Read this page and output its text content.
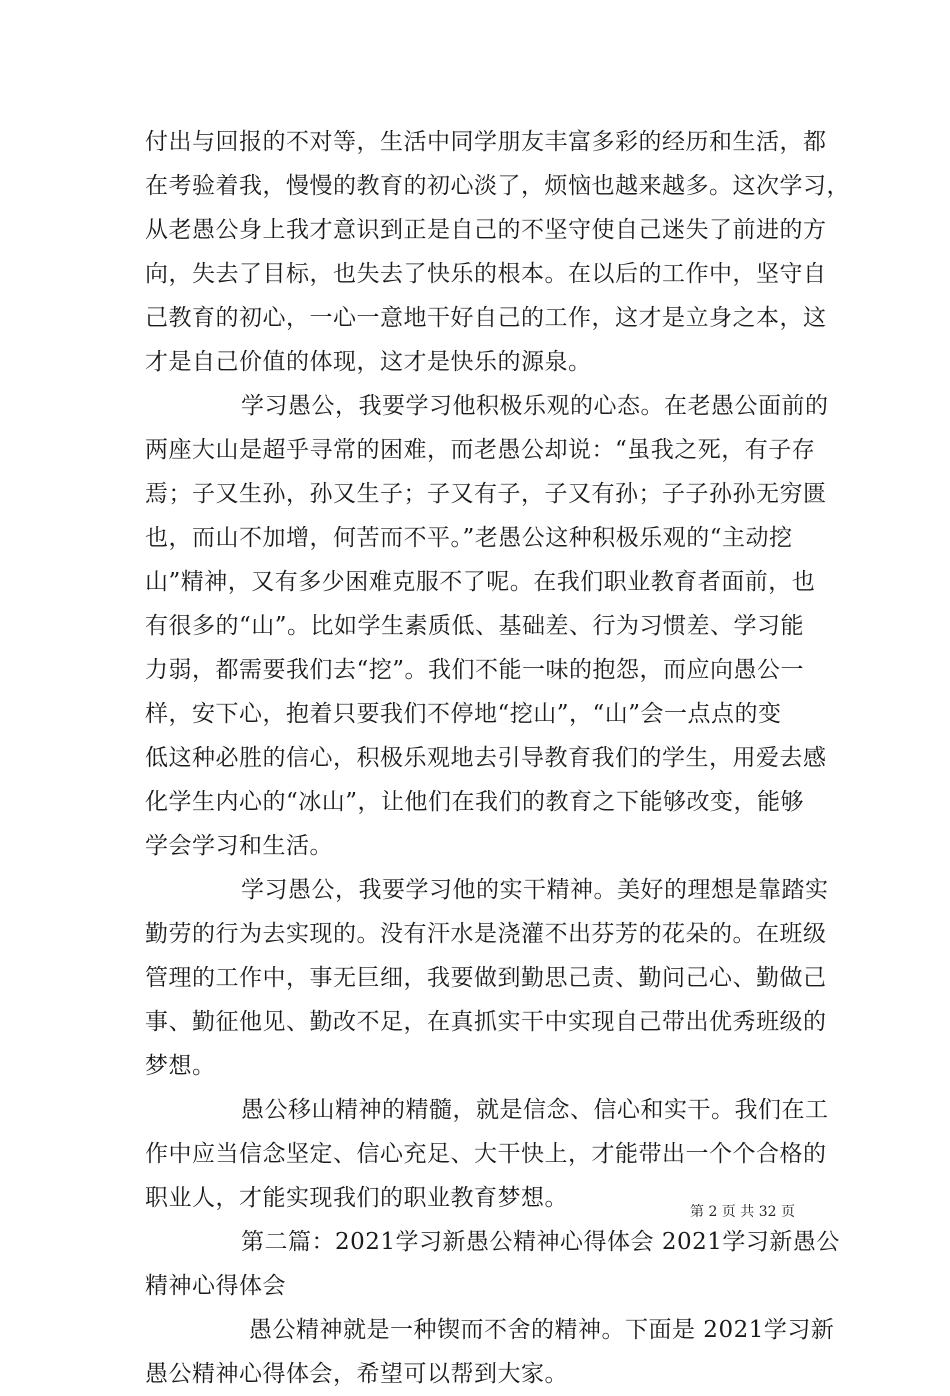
付出与回报的不对等，生活中同学朋友丰富多彩的经历和生活，都
在考验着我，慢慢的教育的初心淡了，烦恼也越来越多。这次学习，
从老愚公身上我才意识到正是自己的不坚守使自己迷失了前进的方
向，失去了目标，也失去了快乐的根本。在以后的工作中，坚守自
己教育的初心，一心一意地干好自己的工作，这才是立身之本，这
才是自己价值的体现，这才是快乐的源泉。
学习愚公，我要学习他积极乐观的心态。在老愚公面前的
两座大山是超乎寻常的困难，而老愚公却说：“虽我之死，有子存
焉；子又生孙，孙又生子；子又有子，子又有孙；子子孙孙无穷匮
也，而山不加增，何苦而不平。”老愚公这种积极乐观的“主动挖
山”精神，又有多少困难克服不了呢。在我们职业教育者面前，也
有很多的“山”。比如学生素质低、基础差、行为习惯差、学习能
力弱，都需要我们去“挖”。我们不能一味的抱怨，而应向愚公一
样，安下心，抱着只要我们不停地“挖山”，“山”会一点点的变
低这种必胜的信心，积极乐观地去引导教育我们的学生，用爱去感
化学生内心的“冰山”，让他们在我们的教育之下能够改变，能够
学会学习和生活。
学习愚公，我要学习他的实干精神。美好的理想是靠踏实
勤劳的行为去实现的。没有汗水是浇灌不出芬芳的花朵的。在班级
管理的工作中，事无巨细，我要做到勤思己责、勤问己心、勤做己
事、勤征他见、勤改不足，在真抓实干中实现自己带出优秀班级的
梦想。
愚公移山精神的精髓，就是信念、信心和实干。我们在工
作中应当信念坚定、信心充足、大干快上，才能带出一个个合格的
职业人，才能实现我们的职业教育梦想。
第二篇：2021学习新愚公精神心得体会 2021学习新愚公
精神心得体会
愚公精神就是一种锲而不舍的精神。下面是 2021学习新
愚公精神心得体会，希望可以帮到大家。
第 2 页 共 32 页
